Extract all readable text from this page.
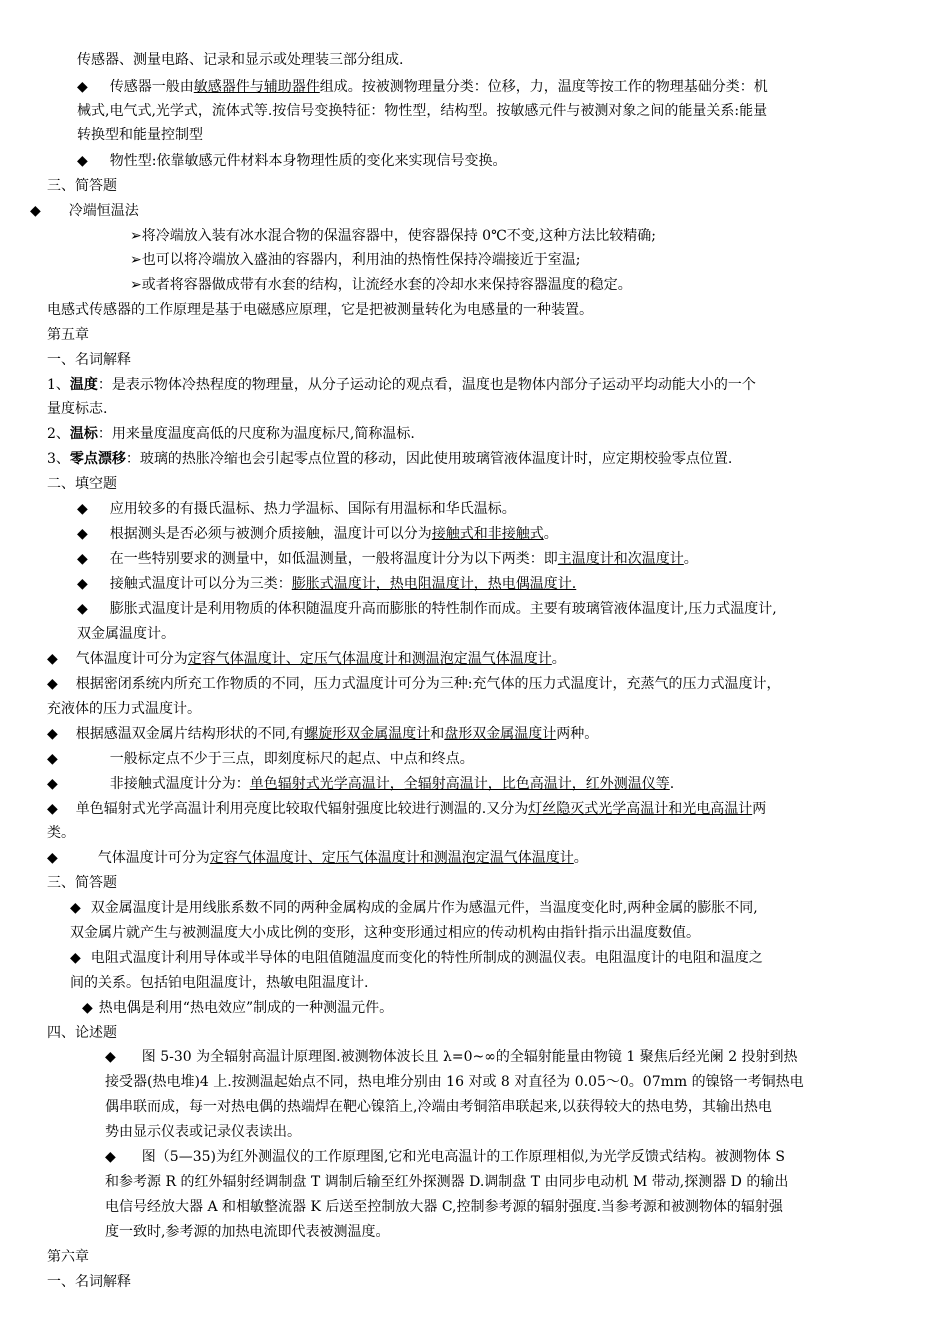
传感器、测量电路、记录和显示或处理装三部分组成.
◆ 传感器一般由敏感器件与辅助器件组成。按被测物理量分类：位移，力，温度等按工作的物理基础分类：机
械式,电气式,光学式，流体式等.按信号变换特征：物性型，结构型。按敏感元件与被测对象之间的能量关系:能量
转换型和能量控制型
◆ 物性型:依靠敏感元件材料本身物理性质的变化来实现信号变换。
三、简答题
◆ 冷端恒温法
➢将冷端放入装有冰水混合物的保温容器中，使容器保持 0℃不变,这种方法比较精确;
➢也可以将冷端放入盛油的容器内，利用油的热惰性保持冷端接近于室温;
➢或者将容器做成带有水套的结构，让流经水套的冷却水来保持容器温度的稳定。
电感式传感器的工作原理是基于电磁感应原理，它是把被测量转化为电感量的一种装置。
第五章
一、名词解释
1、温度：是表示物体冷热程度的物理量，从分子运动论的观点看，温度也是物体内部分子运动平均动能大小的一个
量度标志.
2、温标：用来量度温度高低的尺度称为温度标尺,简称温标.
3、零点漂移：玻璃的热胀冷缩也会引起零点位置的移动，因此使用玻璃管液体温度计时，应定期校验零点位置.
二、填空题
◆ 应用较多的有摄氏温标、热力学温标、国际有用温标和华氏温标。
◆ 根据测头是否必须与被测介质接触，温度计可以分为接触式和非接触式。
◆ 在一些特别要求的测量中，如低温测量，一般将温度计分为以下两类：即主温度计和次温度计。
◆ 接触式温度计可以分为三类：膨胀式温度计，热电阻温度计，热电偶温度计.
◆ 膨胀式温度计是利用物质的体积随温度升高而膨胀的特性制作而成。主要有玻璃管液体温度计,压力式温度计,
双金属温度计。
◆ 气体温度计可分为定容气体温度计、定压气体温度计和测温泡定温气体温度计。
◆ 根据密闭系统内所充工作物质的不同，压力式温度计可分为三种:充气体的压力式温度计，充蒸气的压力式温度计，
充液体的压力式温度计。
◆ 根据感温双金属片结构形状的不同,有螺旋形双金属温度计和盘形双金属温度计两种。
◆	一般标定点不少于三点，即刻度标尺的起点、中点和终点。
◆	非接触式温度计分为：单色辐射式光学高温计，全辐射高温计，比色高温计，红外测温仪等.
◆ 单色辐射式光学高温计利用亮度比较取代辐射强度比较进行测温的.又分为灯丝隐灭式光学高温计和光电高温计两
类。
◆	气体温度计可分为定容气体温度计、定压气体温度计和测温泡定温气体温度计。
三、简答题
◆ 双金属温度计是用线胀系数不同的两种金属构成的金属片作为感温元件，当温度变化时,两种金属的膨胀不同,
双金属片就产生与被测温度大小成比例的变形，这种变形通过相应的传动机构由指针指示出温度数值。
◆ 电阻式温度计利用导体或半导体的电阻值随温度而变化的特性所制成的测温仪表。电阻温度计的电阻和温度之
间的关系。包括铂电阻温度计，热敏电阻温度计.
◆ 热电偶是利用“热电效应”制成的一种测温元件。
四、论述题
◆ 图 5-30 为全辐射高温计原理图.被测物体波长且 λ=0~∞的全辐射能量由物镜 1 聚焦后经光阑 2 投射到热
接受器(热电堆)4 上.按测温起始点不同，热电堆分别由 16 对或 8 对直径为 0.05～0。07mm 的镍铬一考铜热电
偶串联而成，每一对热电偶的热端焊在靶心镍箔上,冷端由考铜箔串联起来,以获得较大的热电势，其输出热电
势由显示仪表或记录仪表读出。
◆ 图（5—35)为红外测温仪的工作原理图,它和光电高温计的工作原理相似,为光学反馈式结构。被测物体 S
和参考源 R 的红外辐射经调制盘 T 调制后输至红外探测器 D.调制盘 T 由同步电动机 M 带动,探测器 D 的输出
电信号经放大器 A 和相敏整流器 K 后送至控制放大器 C,控制参考源的辐射强度.当参考源和被测物体的辐射强
度一致时,参考源的加热电流即代表被测温度。
第六章
一、名词解释
